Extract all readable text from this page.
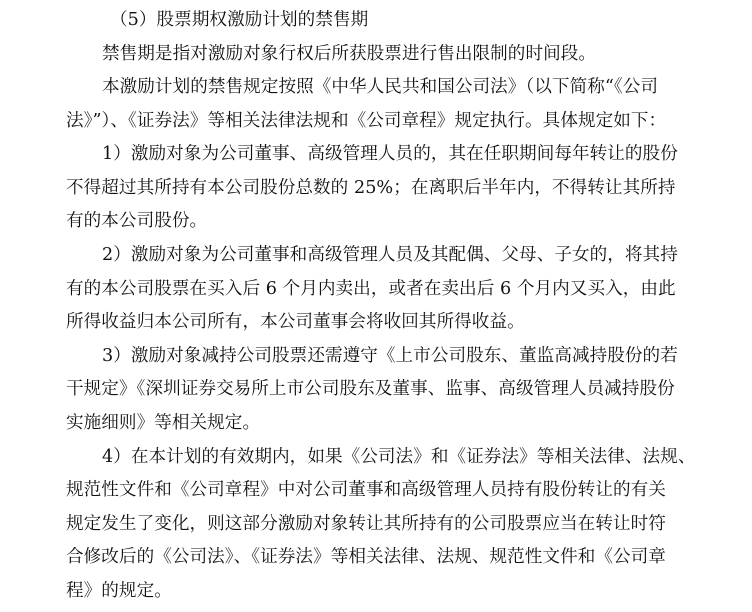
（5）股票期权激励计划的禁售期
禁售期是指对激励对象行权后所获股票进行售出限制的时间段。
本激励计划的禁售规定按照《中华人民共和国公司法》（以下简称“《公司
法》”）、《证券法》等相关法律法规和《公司章程》规定执行。具体规定如下：
1）激励对象为公司董事、高级管理人员的，其在任职期间每年转让的股份
不得超过其所持有本公司股份总数的 25%；在离职后半年内，不得转让其所持
有的本公司股份。
2）激励对象为公司董事和高级管理人员及其配偶、父母、子女的，将其持
有的本公司股票在买入后 6 个月内卖出，或者在卖出后 6 个月内又买入，由此
所得收益归本公司所有，本公司董事会将收回其所得收益。
3）激励对象减持公司股票还需遵守《上市公司股东、董监高减持股份的若
干规定》《深圳证券交易所上市公司股东及董事、监事、高级管理人员减持股份
实施细则》等相关规定。
4）在本计划的有效期内，如果《公司法》和《证券法》等相关法律、法规、
规范性文件和《公司章程》中对公司董事和高级管理人员持有股份转让的有关
规定发生了变化，则这部分激励对象转让其所持有的公司股票应当在转让时符
合修改后的《公司法》、《证券法》等相关法律、法规、规范性文件和《公司章
程》的规定。
